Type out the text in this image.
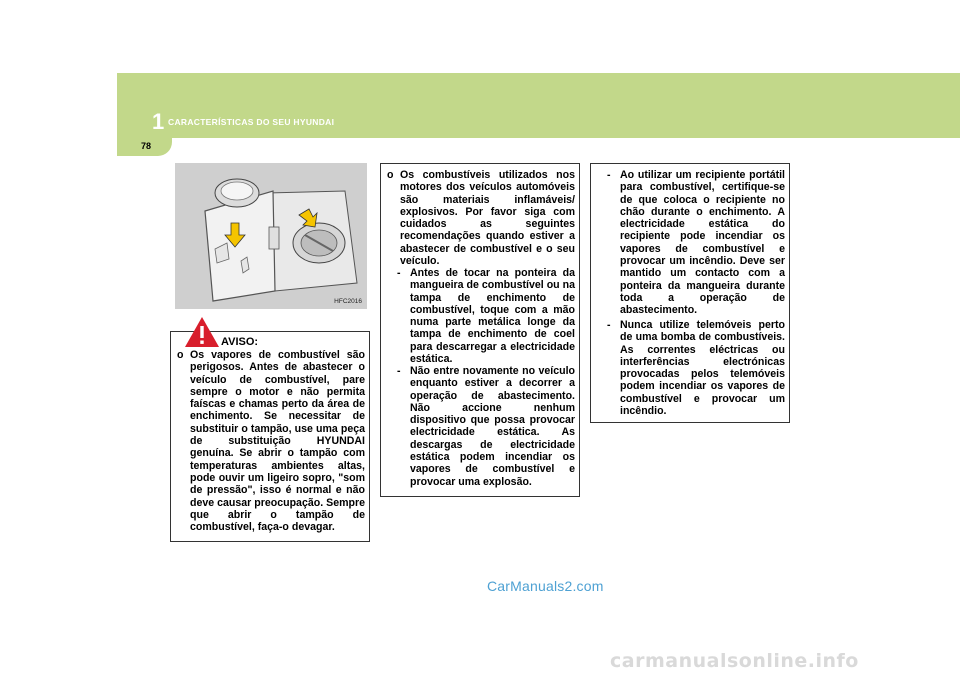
1 CARACTERÍSTICAS DO SEU HYUNDAI
78
HFC2016
AVISO:
o Os vapores de combustível são perigosos. Antes de abastecer o veículo de combustível, pare sempre o motor e não permita faíscas e chamas perto da área de enchimento. Se necessitar de substituir o tampão, use uma peça de substituição HYUNDAI genuína. Se abrir o tampão com temperaturas ambientes altas, pode ouvir um ligeiro sopro, "som de pressão", isso é normal e não deve causar preocupação. Sempre que abrir o tampão de combustível, faça-o devagar.
o Os combustíveis utilizados nos motores dos veículos automóveis são materiais inflamáveis/ explosivos. Por favor siga com cuidados as seguintes recomendações quando estiver a abastecer de combustível e o seu veículo.
- Antes de tocar na ponteira da mangueira de combustível ou na tampa de enchimento de combustível, toque com a mão numa parte metálica longe da tampa de enchimento de coel para descarregar a electricidade estática.
- Não entre novamente no veículo enquanto estiver a decorrer a operação de abastecimento. Não accione nenhum dispositivo que possa provocar electricidade estática. As descargas de electricidade estática podem incendiar os vapores de combustível e provocar uma explosão.
- Ao utilizar um recipiente portátil para combustível, certifique-se de que coloca o recipiente no chão durante o enchimento. A electricidade estática do recipiente pode incendiar os vapores de combustível e provocar um incêndio. Deve ser mantido um contacto com a ponteira da mangueira durante toda a operação de abastecimento.
- Nunca utilize telemóveis perto de uma bomba de combustíveis. As correntes eléctricas ou interferências electrónicas provocadas pelos telemóveis podem incendiar os vapores de combustível e provocar um incêndio.
CarManuals2.com
carmanualsonline.info
